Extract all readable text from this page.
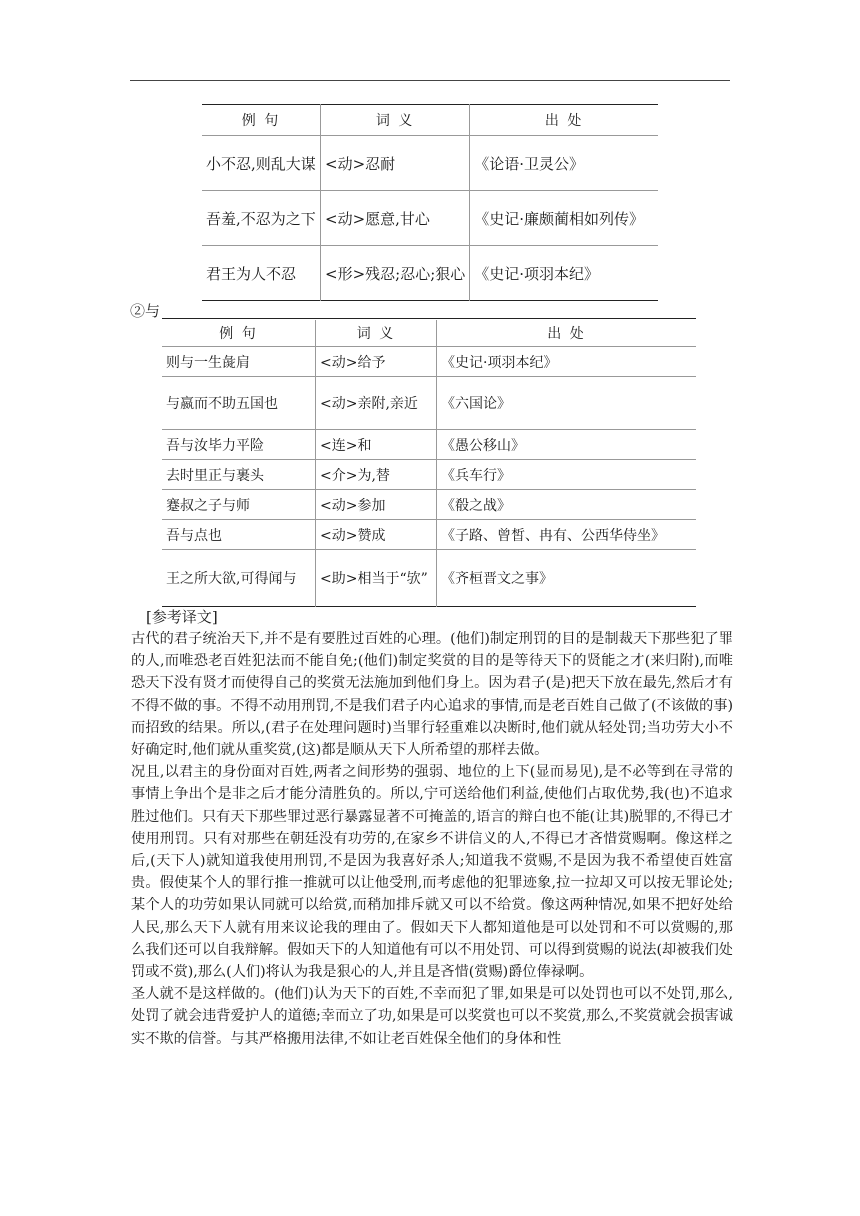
例 句	词 义	出 处
小不忍,则乱大谋	<动>忍耐	《论语·卫灵公》
吾羞,不忍为之下	<动>愿意,甘心	《史记·廉颇蔺相如列传》
君王为人不忍	<形>残忍;忍心;狠心	《史记·项羽本纪》
②与
例 句	词 义	出 处
则与一生彘肩	<动>给予	《史记·项羽本纪》
与嬴而不助五国也	<动>亲附,亲近	《六国论》
吾与汝毕力平险	<连>和	《愚公移山》
去时里正与裹头	<介>为,替	《兵车行》
蹇叔之子与师	<动>参加	《殽之战》
吾与点也	<动>赞成	《子路、曾皙、冉有、公西华侍坐》
王之所大欲,可得闻与	<助>相当于“欤”	《齐桓晋文之事》
[参考译文]

古代的君子统治天下,并不是有要胜过百姓的心理。(他们)制定刑罚的目的是制裁天下那些犯了罪的人,而唯恐老百姓犯法而不能自免;(他们)制定奖赏的目的是等待天下的贤能之才(来归附),而唯恐天下没有贤才而使得自己的奖赏无法施加到他们身上。因为君子(是)把天下放在最先,然后才有不得不做的事。不得不动用刑罚,不是我们君子内心追求的事情,而是老百姓自己做了(不该做的事)而招致的结果。所以,(君子在处理问题时)当罪行轻重难以决断时,他们就从轻处罚;当功劳大小不好确定时,他们就从重奖赏,(这)都是顺从天下人所希望的那样去做。

况且,以君主的身份面对百姓,两者之间形势的强弱、地位的上下(显而易见),是不必等到在寻常的事情上争出个是非之后才能分清胜负的。所以,宁可送给他们利益,使他们占取优势,我(也)不追求胜过他们。只有天下那些罪过恶行暴露显著不可掩盖的,语言的辩白也不能(让其)脱罪的,不得已才使用刑罚。只有对那些在朝廷没有功劳的,在家乡不讲信义的人,不得已才吝惜赏赐啊。像这样之后,(天下人)就知道我使用刑罚,不是因为我喜好杀人;知道我不赏赐,不是因为我不希望使百姓富贵。假使某个人的罪行推一推就可以让他受刑,而考虑他的犯罪迹象,拉一拉却又可以按无罪论处;某个人的功劳如果认同就可以给赏,而稍加排斥就又可以不给赏。像这两种情况,如果不把好处给人民,那么天下人就有用来议论我的理由了。假如天下人都知道他是可以处罚和不可以赏赐的,那么我们还可以自我辩解。假如天下的人知道他有可以不用处罚、可以得到赏赐的说法(却被我们处罚或不赏),那么(人们)将认为我是狠心的人,并且是吝惜(赏赐)爵位俸禄啊。

圣人就不是这样做的。(他们)认为天下的百姓,不幸而犯了罪,如果是可以处罚也可以不处罚,那么,处罚了就会违背爱护人的道德;幸而立了功,如果是可以奖赏也可以不奖赏,那么,不奖赏就会损害诚实不欺的信誉。与其严格搬用法律,不如让老百姓保全他们的身体和性
